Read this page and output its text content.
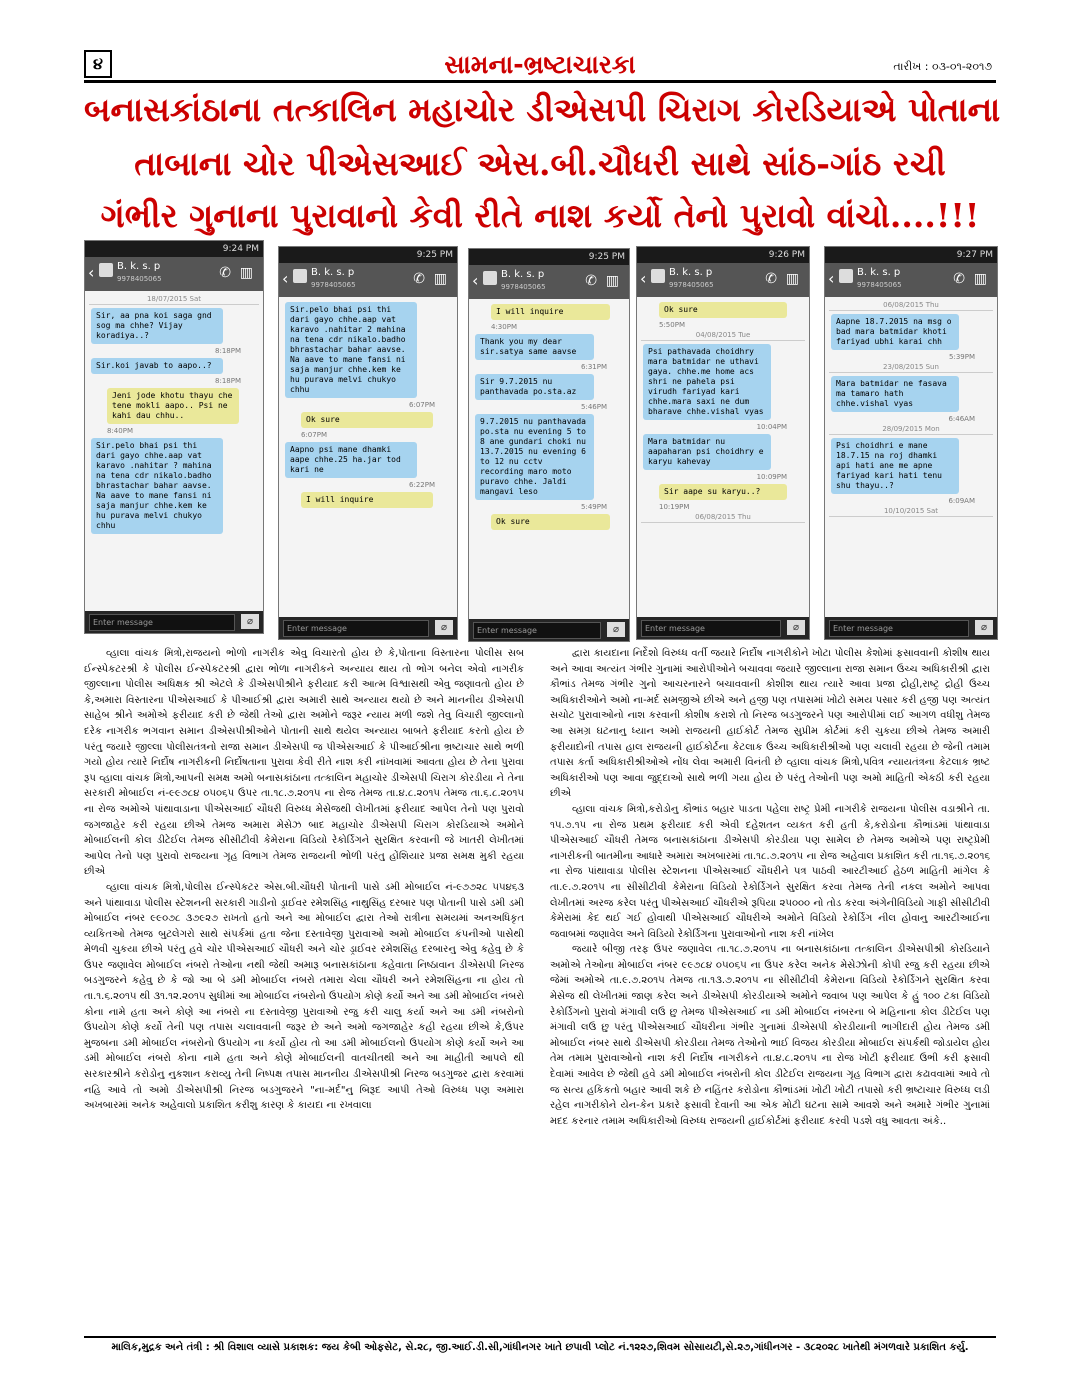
૪	સામના-ભ્રષ્ટાચારકા	તારીખ : ૦૩-૦૧-૨૦૧૭
બનાસકાંઠાના તત્કાલિન મહાચોર ડીએસપી ચિરાગ કોરડિયાએ પોતાના
તાબાના ચોર પીએસઆઈ એસ.બી.ચૌધરી સાથે સાંઠ-ગાંઠ રચી
ગંભીર ગુનાના પુરાવાનો કેવી રીતે નાશ કર્યો તેનો પુરાવો વાંચો....!!!
9:24 PM
‹	✆ ▥
B. k. s. p
9978405065
18/07/2015 Sat
Sir, aa pna koi saga gnd sog ma chhe? Vijay koradiya..?
8:18PM
Sir.koi javab to aapo..?
8:18PM
Jeni jode khotu thayu che tene mokli aapo.. Psi ne kahi dau chhu..
8:40PM
Sir.pelo bhai psi thi dari gayo chhe.aap vat karavo .nahitar ? mahina na tena cdr nikalo.badho bhrastachar bahar aavse. Na aave to mane fansi ni saja manjur chhe.kem ke hu purava melvi chukyo chhu
Enter message	⌀
9:25 PM
‹	✆ ▥
B. k. s. p
9978405065
Sir.pelo bhai psi thi dari gayo chhe.aap vat karavo .nahitar 2 mahina na tena cdr nikalo.badho bhrastachar bahar aavse. Na aave to mane fansi ni saja manjur chhe.kem ke hu purava melvi chukyo chhu
6:07PM
Ok sure
6:07PM
Aapno psi mane dhamki aape chhe.25 ha.jar tod kari ne
6:22PM
I will inquire
Enter message	⌀
9:25 PM
‹	✆ ▥
B. k. s. p
9978405065
I will inquire
4:30PM
Thank you my dear sir.satya same aavse
6:31PM
Sir 9.7.2015 nu panthavada po.sta.az
5:46PM
9.7.2015 nu panthavada po.sta nu evening 5 to 8 ane gundari choki nu 13.7.2015 nu evening 6 to 12 nu cctv recording maro moto puravo chhe. Jaldi mangavi leso
5:49PM
Ok sure
Enter message	⌀
9:26 PM
‹	✆ ▥
B. k. s. p
9978405065
Ok sure
5:50PM
04/08/2015 Tue
Psi pathavada choidhry mara batmidar ne uthavi gaya. chhe.me home acs shri ne pahela psi virudh fariyad kari chhe.mara saxi ne dum bharave chhe.vishal vyas
10:04PM
Mara batmidar nu aapaharan psi choidhry e karyu kahevay
10:09PM
Sir aape su karyu..?
10:19PM
06/08/2015 Thu
Enter message	⌀
9:27 PM
‹	✆ ▥
B. k. s. p
9978405065
06/08/2015 Thu
Aapne 18.7.2015 na msg o bad mara batmidar khoti fariyad ubhi karai chh
5:39PM
23/08/2015 Sun
Mara batmidar ne fasava ma tamaro hath chhe.vishal vyas
6:46AM
28/09/2015 Mon
Psi choidhri e mane 18.7.15 na roj dhamki api hati ane me apne fariyad kari hati tenu shu thayu..?
6:09AM
10/10/2015 Sat
Enter message	⌀

વ્હાલા વાંચક મિત્રો,રાજયનો ભોળો નાગરીક એવુ વિચારતો હોય છે કે,પોતાના વિસ્તારના પોલીસ સબ ઈન્સ્પેકટરશ્રી કે પોલીસ ઈન્સ્પેકટરશ્રી દ્વારા ભોળા નાગરીકને અન્યાય થાય તો ભોગ બનેલ એવો નાગરીક જીલ્લાના પોલીસ અધિક્ષક શ્રી એટલે કે ડીએસપીશ્રીને ફરીયાદ કરી આત્મ વિશ્વાસથી એવુ જણાવતો હોય છે કે,અમારા વિસ્તારના પીએસઆઈ કે પીઆઈશ્રી દ્વારા અમારી સાથે અન્યાય થયો છે અને માનનીય ડીએસપી સાહેબ શ્રીને અમોએ ફરીયાદ કરી છે જેથી તેઓ દ્વારા અમોને જરૂર ન્યાય મળી જશે તેવુ વિચારી જીલ્લાનો દરેક નાગરીક ભગવાન સમાન ડીએસપીશ્રીઓને પોતાની સાથે થયેલ અન્યાય બાબતે ફરીયાદ કરતો હોય છે પરંતુ જયારે જીલ્લા પોલીસતંત્રનો રાજા સમાન ડીએસપી જ પીએસઆઈ કે પીઆઈશ્રીના ભ્રષ્ટાચાર સાથે ભળી ગયો હોય ત્યારે નિર્દોષ નાગરીકની નિર્દોષતાના પુરાવા કેવી રીતે નાશ કરી નાંખવામાં આવતા હોય છે તેના પુરાવા રૂપ વ્હાલા વાંચક મિત્રો,આપની સમક્ષ અમો બનાસકાંઠાના તત્કાલિન મહાચોર ડીએસપી ચિરાગ કોરડીયા ને તેના સરકારી મોબાઈલ નં-૯૯૭૮૪ ૦૫૦૬૫ ઉપર તા.૧૮.૭.૨૦૧૫ ના રોજ તેમજ તા.૪.૮.૨૦૧૫ તેમજ તા.૬.૮.૨૦૧૫ ના રોજ અમોએ પાંથાવાડાના પીએસઆઈ ચૌધરી વિરુધ્ધ મેસેજથી લેખીતમાં ફરીયાદ આપેલ તેનો પણ પુરાવો જગજાહેર કરી રહયા છીએ તેમજ અમારા મેસેઝ બાદ મહાચોર ડીએસપી ચિરાગ કોરડિયાએ અમોને મોબાઈલની કોલ ડીટેઈલ તેમજ સીસીટીવી કેમેરાના વિડિયો રેકોર્ડિંગને સુરક્ષિત કરવાની જે ખાતરી લેખીતમાં આપેલ તેનો પણ પુરાવો રાજયના ગૃહ વિભાગ તેમજ રાજયની ભોળી પરંતુ હોંશિયાર પ્રજા સમક્ષ મુકી રહયા છીએ

વ્હાલા વાંચક મિત્રો,પોલીસ ઈન્સ્પેકટર એસ.બી.ચૌધરી પોતાની પાસે ડમી મોબાઈલ નં-૯૭૭૨૮ ૫૫૪૬૩ અને પાંથાવાડા પોલીસ સ્ટેશનની સરકારી ગાડીનો ડ્રાઈવર રમેશસિંહ નાથુસિંહ દરબાર પણ પોતાની પાસે ડમી ડમી મોબાઈલ નંબર ૯૯૦૭૮ ૩૭૯૨૭ રાખતો હતો અને આ મોબાઈલ દ્વારા તેઓ રાત્રીના સમયમાં અનઅધિકૃત વ્યકિતઓ તેમજ બુટલેગરો સાથે સંપર્કમાં હતા જેના દસ્તાવેજી પુરાવાઓ અમો મોબાઈલ કંપનીઓ પાસેથી મેળવી ચુકયા છીએ પરંતુ હવે ચોર પીએસઆઈ ચૌધરી અને ચોર ડ્રાઈવર રમેશસિંહ દરબારનુ એવુ કહેવુ છે કે ઉપર જણાવેલ મોબાઈલ નંબરો તેઓના નથી જેથી અમારૂ બનાસકાંઠાના કહેવાતા નિષ્ઠાવાન ડીએસપી નિરજ બડગુજરને કહેવુ છે કે જો આ બે ડમી મોબાઈલ નંબરો તમારા ચેલા ચૌધરી અને રમેશસિંહના ના હોય તો તા.૧.૬.૨૦૧૫ થી ૩૧.૧૨.૨૦૧૫ સુધીમાં આ મોબાઈલ નંબરોનો ઉપયોગ કોણે કર્યો અને આ ડમી મોબાઈલ નંબરો કોના નામે હતા અને કોણે આ નંબરો ના દસ્તાવેજી પુરાવાઓ રજુ કરી ચાલુ કર્યા અને આ ડમી નંબરોનો ઉપયોગ કોણે કર્યો તેની પણ તપાસ ચલાવવાની જરૂર છે અને અમો જગજાહેર કહી રહયા છીએ કે,ઉપર મુજબના ડમી મોબાઈલ નંબરોનો ઉપયોગ ના કર્યો હોય તો આ ડમી મોબાઈલનો ઉપયોગ કોણે કર્યો અને આ ડમી મોબાઈલ નંબરો કોના નામે હતા અને કોણે મોબાઈલની વાતચીતથી અને આ માહીતી આપલે થી સરકારશ્રીને કરોડોનુ નુકશાન કરાવ્યુ તેની નિષ્પક્ષ તપાસ માનનીય ડીએસપીશ્રી નિરજ બડગુજર દ્વારા કરવામાં નહિ આવે તો અમો ડીએસપીશ્રી નિરજ બડગુજરને "ના-મર્દ"નુ બિરૂદ આપી તેઓ વિરુધ્ધ પણ અમારા અખબારમાં અનેક અહેવાલો પ્રકાશિત કરીશુ કારણ કે કાયદા ના રખવાલા

દ્વારા કાયદાના નિર્દેશો વિરુધ્ધ વર્તી જયારે નિર્દોષ નાગરીકોને ખોટા પોલીસ કેશોમાં ફસાવવાની કોશીષ થાય અને આવા અત્યંત ગંભીર ગુનામાં આરોપીઓને બચાવવા જયારે જીલ્લાના રાજા સમાન ઉચ્ચ અધિકારીશ્રી દ્વારા કૌભાંડ તેમજ ગંભીર ગુનો આચરનારને બચાવવાની કોશીશ થાય ત્યારે આવા પ્રજા દ્રોહી,રાષ્ટ્ર દ્રોહી ઉચ્ચ અધિકારીઓને અમો ના-મર્દ સમજીએ છીએ અને હજી પણ તપાસમાં ખોટો સમય પસાર કરી હજી પણ અત્યંત સચોટ પુરાવાઓનો નાશ કરવાની કોશીષ કરાશે તો નિરજ બડગુજરને પણ આરોપીમાં લઈ આગળ વધીશુ તેમજ આ સમગ્ર ઘટનાનુ ધ્યાન અમો રાજયની હાઈકોર્ટ તેમજ સુપ્રીમ કોર્ટમાં કરી ચુકયા છીએ તેમજ અમારી ફરીયાદોની તપાસ હાલ રાજયની હાઈકોર્ટના કેટલાક ઉચ્ચ અધિકારીશ્રીઓ પણ ચલાવી રહયા છે જેની તમામ તપાસ કર્તા અધિકારીશ્રીઓએ નોંધ લેવા અમારી વિનંતી છે વ્હાલા વાંચક મિત્રો,પવિત્ર ન્યાયતંત્રના કેટલાક ભ્રષ્ટ અધિકારીઓ પણ આવા જુદ્દાઓ સાથે ભળી ગયા હોય છે પરંતુ તેઓની પણ અમો માહિતી એકઠી કરી રહયા છીએ

વ્હાલા વાંચક મિત્રો,કરોડોનુ કૌભાંડ બહાર પાડતા પહેલા રાષ્ટ્ર પ્રેમી નાગરીકે રાજયના પોલીસ વડાશ્રીને તા. ૧૫.૭.૧૫ ના રોજ પ્રથમ ફરીયાદ કરી એવી દહેશતન વ્યકત કરી હતી કે,કરોડોના કૌભાંડમાં પાંથાવાડા પીએસઆઈ ચૌધરી તેમજ બનાસકાંઠાના ડીએસપી કોરડીયા પણ સામેલ છે તેમજ અમોએ પણ રાષ્ટ્રપ્રેમી નાગરીકની બાતમીના આધારે અમારા અખબારમાં તા.૧૮.૭.૨૦૧૫ ના રોજ અહેવાલ પ્રકાશિત કરી તા.૧૬.૭.૨૦૧૬ ના રોજ પાંથાવાડા પોલીસ સ્ટેશનના પીએસઆઈ ચૌધરીને પત્ર પાઠવી આરટીઆઈ હેઠળ માહિતી માંગેલ કે તા.૯.૭.૨૦૧૫ ના સીસીટીવી કેમેરાના વિડિયો રેકોર્ડિંગને સુરક્ષિત કરવા તેમજ તેની નકલ અમોને આપવા લેખીતમાં અરજ કરેલ પરંતુ પીએસઆઈ ચૌધરીએ રૂપિયા ૨૫૦૦૦ નો તોડ કરવા અંગેનીવિડિયો ગાફી સીસીટીવી કેમેરામાં કેદ થઈ ગઈ હોવાથી પીએસઆઈ ચૌધરીએ અમોને વિડિયો રેકોર્ડિંગ નીલ હોવાનુ આરટીઆઈના જવાબમાં જણાવેલ અને વિડિયો રેકોર્ડિંગના પુરાવાઓનો નાશ કરી નાંખેલ

જયારે બીજી તરફ ઉપર જણાવેલ તા.૧૮.૭.૨૦૧૫ ના બનાસકાંઠાના તત્કાલિન ડીએસપીશ્રી કોરડિયાને અમોએ તેઓના મોબાઈલ નંબર ૯૯૭૮૪ ૦૫૦૬૫ ના ઉપર કરેલ અનેક મેસેઝોની કોપી રજુ કરી રહયા છીએ જેમાં અમોએ તા.૯.૭.૨૦૧૫ તેમજ તા.૧૩.૭.૨૦૧૫ ના સીસીટીવી કેમેરાના વિડિયો રેકોર્ડિંગને સુરક્ષિત કરવા મેસેજ થી લેખીતમાં જાણ કરેલ અને ડીએસપી કોરડીયાએ અમોને જવાબ પણ આપેલ કે હું ૧૦૦ ટકા વિડિયો રેકોર્ડિંગનો પુરાવો મંગાવી લઉ છુ તેમજ પીએસઆઈ ના ડમી મોબાઈલ નંબરના બે મહિનાના કોલ ડીટેઈલ પણ મંગાવી લઉ છુ પરંતુ પીએસઆઈ ચૌધરીના ગંભીર ગુનામાં ડીએસપી કોરડીયાની ભાગીદારી હોય તેમજ ડમી મોબાઈલ નંબર સાથે ડીએસપી કોરડીયા તેમજ તેઓનો ભાઈ વિજય કોરડીયા મોબાઈલ સંપર્કથી જોડાયેલ હોય તેમ તમામ પુરાવાઓનો નાશ કરી નિર્દોષ નાગરીકને તા.૪.૮.૨૦૧૫ ના રોજ ખોટી ફરીયાદ ઉભી કરી ફસાવી દેવામાં આવેલ છે જેથી હવે ડમી મોબાઈલ નંબરોની કોલ ડીટેઈલ રાજયના ગૃહ વિભાગ દ્વારા કઢાવવામાં આવે તો જ સત્ય હકિકતો બહાર આવી શકે છે નહિંતર કરોડોના કૌભાંડમાં ખોટી ખોટી તપાસો કરી ભ્રષ્ટાચાર વિરુધ્ધ લડી રહેલ નાગરીકોને યેન-કેન પ્રકારે ફસાવી દેવાની આ એક મોટી ઘટના સામે આવશે અને અમારે ગંભીર ગુનામાં મદદ કરનાર તમામ અધિકારીઓ વિરુધ્ધ રાજયની હાઈકોર્ટમાં ફરીયાદ કરવી પડશે વધુ આવતા અંકે..

માલિક,મુદ્રક અને તંત્રી : શ્રી વિશાલ વ્યાસે પ્રકાશક: જય કેબી ઓફસેટ, સે.૨૮, જી.આઈ.ડી.સી,ગાંધીનગર ખાતે છપાવી પ્લોટ નં.૧૨૨૭,શિવમ સોસાયટી,સે.૨૭,ગાંધીનગર - ૩૮૨૦૨૮ ખાતેથી મંગળવારે પ્રકાશિત કર્યુ.
